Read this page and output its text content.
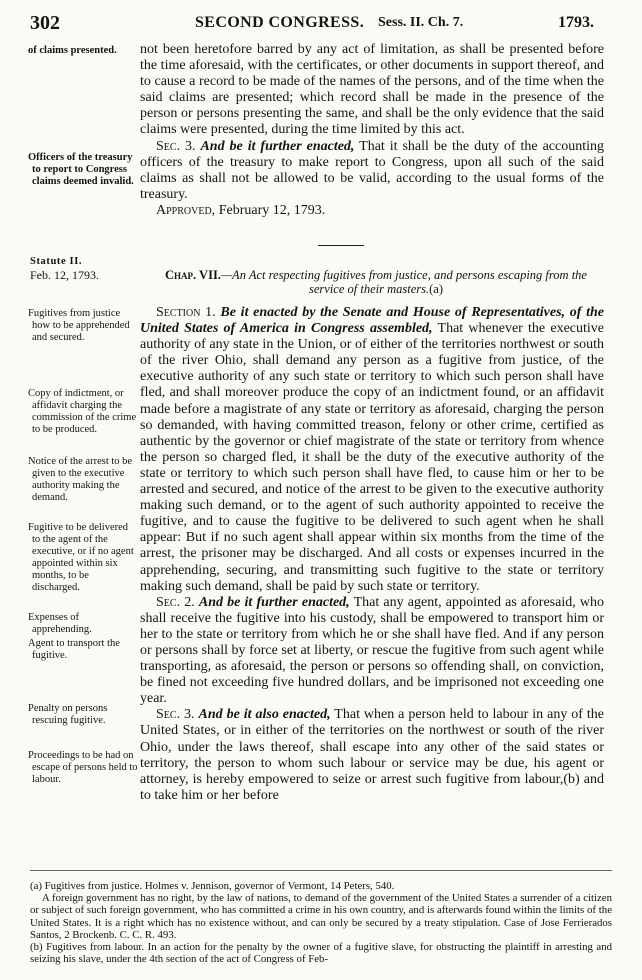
302	SECOND CONGRESS. Sess. II. Ch. 7.	1793.
of claims presented.
Officers of the treasury to report to Congress claims deemed invalid.
Statute II.
Feb. 12, 1793.
Fugitives from justice how to be apprehended and secured.
Copy of indictment, or affidavit charging the commission of the crime to be produced.
Notice of the arrest to be given to the executive authority making the demand.
Fugitive to be delivered to the agent of the executive, or if no agent appointed within six months, to be discharged.
Expenses of apprehending.
Agent to transport the fugitive.
Penalty on persons rescuing fugitive.
Proceedings to be had on escape of persons held to labour.
not been heretofore barred by any act of limitation, as shall be presented before the time aforesaid, with the certificates, or other documents in support thereof, and to cause a record to be made of the names of the persons, and of the time when the said claims are presented; which record shall be made in the presence of the person or persons presenting the same, and shall be the only evidence that the said claims were presented, during the time limited by this act.
Sec. 3. And be it further enacted, That it shall be the duty of the accounting officers of the treasury to make report to Congress, upon all such of the said claims as shall not be allowed to be valid, according to the usual forms of the treasury.
Approved, February 12, 1793.
Chap. VII.—An Act respecting fugitives from justice, and persons escaping from the service of their masters.(a)
Section 1. Be it enacted by the Senate and House of Representatives, of the United States of America in Congress assembled, That whenever the executive authority of any state in the Union, or of either of the territories northwest or south of the river Ohio, shall demand any person as a fugitive from justice, of the executive authority of any such state or territory to which such person shall have fled, and shall moreover produce the copy of an indictment found, or an affidavit made before a magistrate of any state or territory as aforesaid, charging the person so demanded, with having committed treason, felony or other crime, certified as authentic by the governor or chief magistrate of the state or territory from whence the person so charged fled, it shall be the duty of the executive authority of the state or territory to which such person shall have fled, to cause him or her to be arrested and secured, and notice of the arrest to be given to the executive authority making such demand, or to the agent of such authority appointed to receive the fugitive, and to cause the fugitive to be delivered to such agent when he shall appear: But if no such agent shall appear within six months from the time of the arrest, the prisoner may be discharged. And all costs or expenses incurred in the apprehending, securing, and transmitting such fugitive to the state or territory making such demand, shall be paid by such state or territory.
Sec. 2. And be it further enacted, That any agent, appointed as aforesaid, who shall receive the fugitive into his custody, shall be empowered to transport him or her to the state or territory from which he or she shall have fled. And if any person or persons shall by force set at liberty, or rescue the fugitive from such agent while transporting, as aforesaid, the person or persons so offending shall, on conviction, be fined not exceeding five hundred dollars, and be imprisoned not exceeding one year.
Sec. 3. And be it also enacted, That when a person held to labour in any of the United States, or in either of the territories on the northwest or south of the river Ohio, under the laws thereof, shall escape into any other of the said states or territory, the person to whom such labour or service may be due, his agent or attorney, is hereby empowered to seize or arrest such fugitive from labour,(b) and to take him or her before

(a) Fugitives from justice. Holmes v. Jennison, governor of Vermont, 14 Peters, 540.

A foreign government has no right, by the law of nations, to demand of the government of the United States a surrender of a citizen or subject of such foreign government, who has committed a crime in his own country, and is afterwards found within the limits of the United States. It is a right which has no existence without, and can only be secured by a treaty stipulation. Case of Jose Ferrierados Santos, 2 Brockenb. C. C. R. 493.

(b) Fugitives from labour. In an action for the penalty by the owner of a fugitive slave, for obstructing the plaintiff in arresting and seizing his slave, under the 4th section of the act of Congress of Feb-
